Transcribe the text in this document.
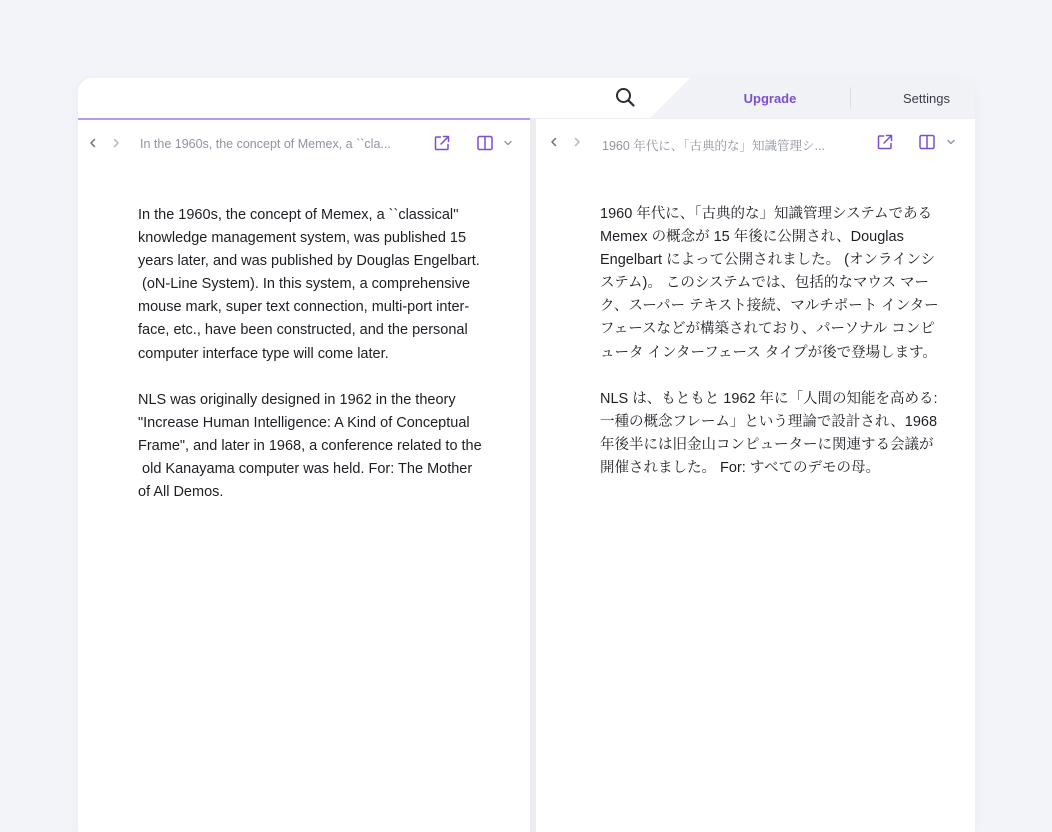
Upgrade	Settings
In the 1960s, the concept of Memex, a ``cla...

In the 1960s, the concept of Memex, a ``classical''
knowledge management system, was published 15
years later, and was published by Douglas Engelbart.
(oN-Line System). In this system, a comprehensive
mouse mark, super text connection, multi-port inter-
face, etc., have been constructed, and the personal
computer interface type will come later.

NLS was originally designed in 1962 in the theory
"Increase Human Intelligence: A Kind of Conceptual
Frame", and later in 1968, a conference related to the
old Kanayama computer was held. For: The Mother
of All Demos.

1960 年代に、「古典的な」知識管理シ...

1960 年代に、「古典的な」知識管理システムである
Memex の概念が 15 年後に公開され、Douglas
Engelbart によって公開されました。 (オンラインシ
ステム)。 このシステムでは、包括的なマウス マー
ク、スーパー テキスト接続、マルチポート インター
フェースなどが構築されており、パーソナル コンピ
ュータ インターフェース タイプが後で登場します。

NLS は、もともと 1962 年に「人間の知能を高める:
一種の概念フレーム」という理論で設計され、1968
年後半には旧金山コンピューターに関連する会議が
開催されました。 For: すべてのデモの母。
